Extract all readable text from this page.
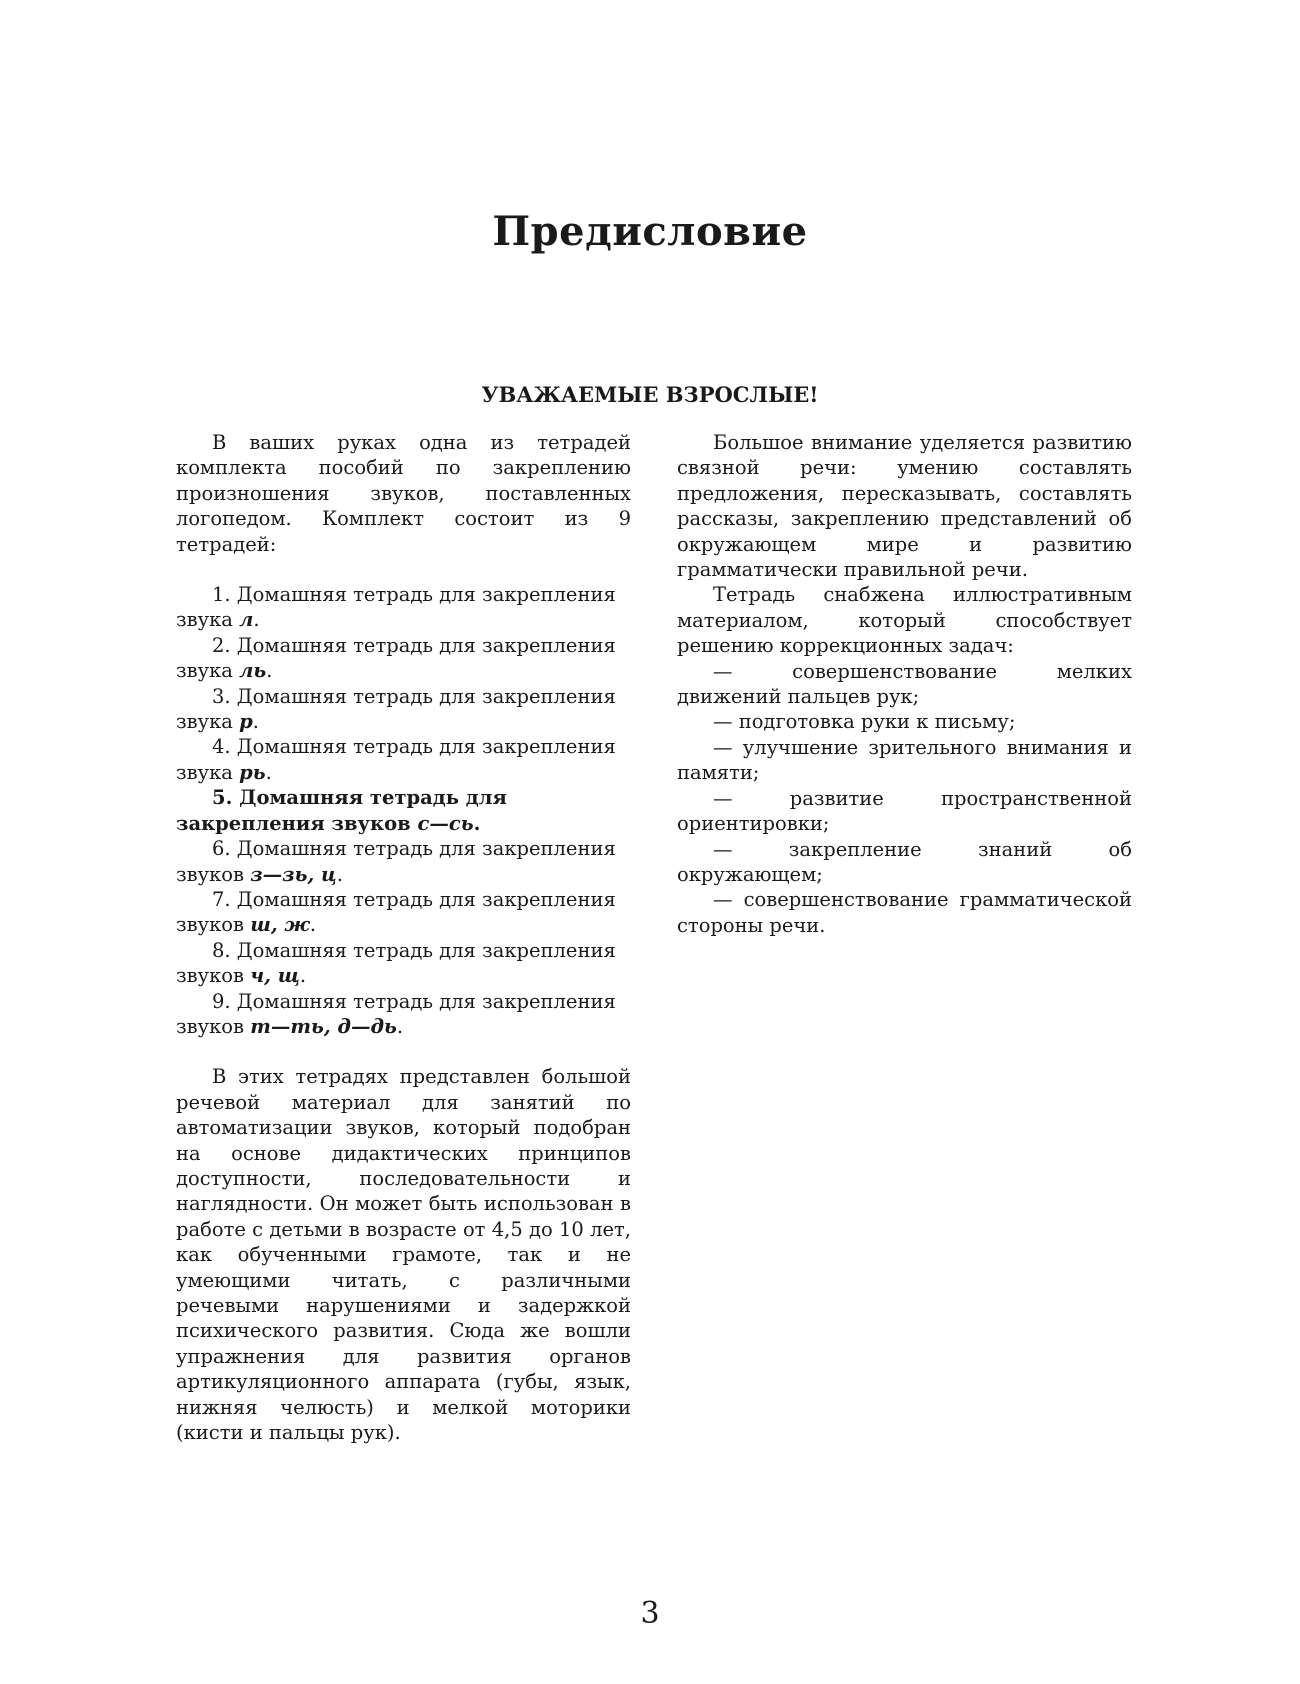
Предисловие
УВАЖАЕМЫЕ ВЗРОСЛЫЕ!

В ваших руках одна из тетрадей комплекта пособий по закреплению произношения звуков, поставленных логопедом. Комплект состоит из 9 тетрадей:

1. Домашняя тетрадь для закрепления звука л.

2. Домашняя тетрадь для закрепления звука ль.

3. Домашняя тетрадь для закрепления звука р.

4. Домашняя тетрадь для закрепления звука рь.

5. Домашняя тетрадь для закрепления звуков с—сь.

6. Домашняя тетрадь для закрепления звуков з—зь, ц.

7. Домашняя тетрадь для закрепления звуков ш, ж.

8. Домашняя тетрадь для закрепления звуков ч, щ.

9. Домашняя тетрадь для закрепления звуков т—ть, д—дь.

В этих тетрадях представлен большой речевой материал для занятий по автоматизации звуков, который подобран на основе дидактических принципов доступности, последовательности и наглядности. Он может быть использован в работе с детьми в возрасте от 4,5 до 10 лет, как обученными грамоте, так и не умеющими читать, с различными речевыми нарушениями и задержкой психического развития. Сюда же вошли упражнения для развития органов артикуляционного аппарата (губы, язык, нижняя челюсть) и мелкой моторики (кисти и пальцы рук).

Большое внимание уделяется развитию связной речи: умению составлять предложения, пересказывать, составлять рассказы, закреплению представлений об окружающем мире и развитию грамматически правильной речи.

Тетрадь снабжена иллюстративным материалом, который способствует решению коррекционных задач:

— совершенствование мелких движений пальцев рук;

— подготовка руки к письму;

— улучшение зрительного внимания и памяти;

— развитие пространственной ориентировки;

— закрепление знаний об окружающем;

— совершенствование грамматической стороны речи.

3
